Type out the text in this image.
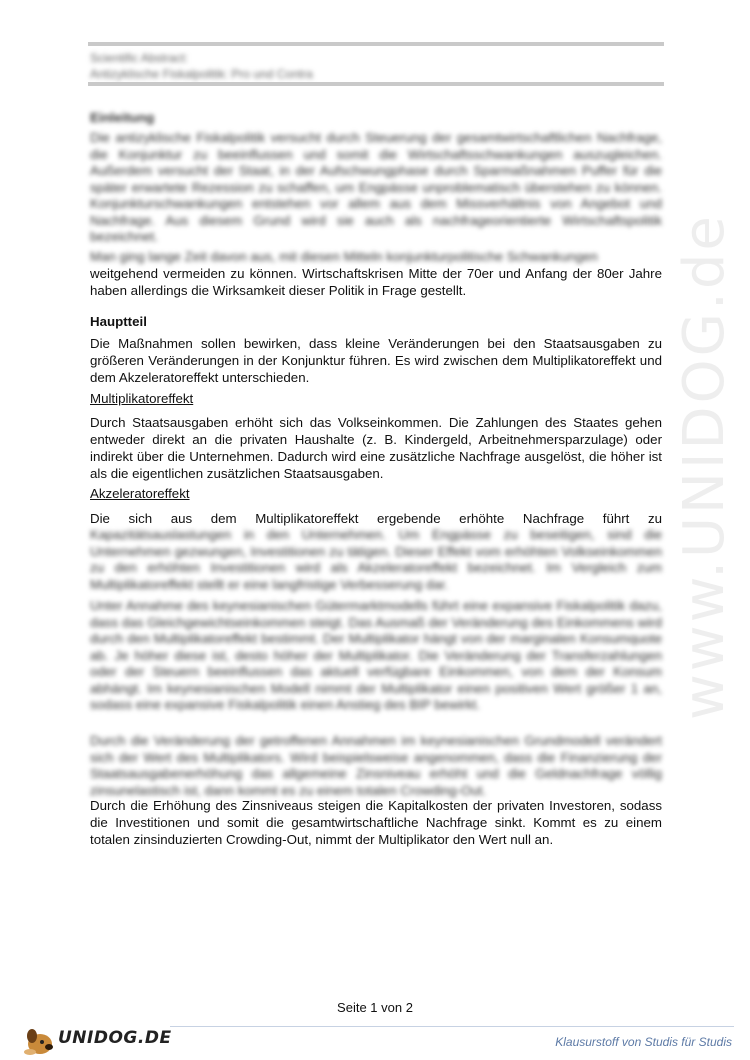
Scientific Abstract:
Antizyklische Fiskalpolitik: Pro und Contra

Einleitung

Die antizyklische Fiskalpolitik versucht durch Steuerung der gesamtwirtschaftlichen Nachfrage, die Konjunktur zu beeinflussen und somit die Wirtschaftsschwankungen auszugleichen. Außerdem versucht der Staat, in der Aufschwungphase durch Sparmaßnahmen Puffer für die später erwartete Rezession zu schaffen, um Engpässe unproblematisch überstehen zu können. Konjunkturschwankungen entstehen vor allem aus dem Missverhältnis von Angebot und Nachfrage. Aus diesem Grund wird sie auch als nachfrageorientierte Wirtschaftspolitik bezeichnet.

Man ging lange Zeit davon aus, mit diesen Mitteln konjunkturpolitische Schwankungen

weitgehend vermeiden zu können. Wirtschaftskrisen Mitte der 70er und Anfang der 80er Jahre haben allerdings die Wirksamkeit dieser Politik in Frage gestellt.

Hauptteil

Die Maßnahmen sollen bewirken, dass kleine Veränderungen bei den Staatsausgaben zu größeren Veränderungen in der Konjunktur führen. Es wird zwischen dem Multiplikatoreffekt und dem Akzeleratoreffekt unterschieden.

Multiplikatoreffekt

Durch Staatsausgaben erhöht sich das Volkseinkommen. Die Zahlungen des Staates gehen entweder direkt an die privaten Haushalte (z. B. Kindergeld, Arbeitnehmersparzulage) oder indirekt über die Unternehmen. Dadurch wird eine zusätzliche Nachfrage ausgelöst, die höher ist als die eigentlichen zusätzlichen Staatsausgaben.

Akzeleratoreffekt

Die sich aus dem Multiplikatoreffekt ergebende erhöhte Nachfrage führt zu

Kapazitätsauslastungen in den Unternehmen. Um Engpässe zu beseitigen, sind die Unternehmen gezwungen, Investitionen zu tätigen. Dieser Effekt vom erhöhten Volkseinkommen zu den erhöhten Investitionen wird als Akzeleratoreffekt bezeichnet. Im Vergleich zum Multiplikatoreffekt stellt er eine langfristige Verbesserung dar.

Unter Annahme des keynesianischen Gütermarktmodells führt eine expansive Fiskalpolitik dazu, dass das Gleichgewichtseinkommen steigt. Das Ausmaß der Veränderung des Einkommens wird durch den Multiplikatoreffekt bestimmt. Der Multiplikator hängt von der marginalen Konsumquote ab. Je höher diese ist, desto höher der Multiplikator. Die Veränderung der Transferzahlungen oder der Steuern beeinflussen das aktuell verfügbare Einkommen, von dem der Konsum abhängt. Im keynesianischen Modell nimmt der Multiplikator einen positiven Wert größer 1 an, sodass eine expansive Fiskalpolitik einen Anstieg des BIP bewirkt.

Durch die Veränderung der getroffenen Annahmen im keynesianischen Grundmodell verändert sich der Wert des Multiplikators. Wird beispielsweise angenommen, dass die Finanzierung der Staatsausgabenerhöhung das allgemeine Zinsniveau erhöht und die Geldnachfrage völlig zinsunelastisch ist, dann kommt es zu einem totalen Crowding-Out.

Durch die Erhöhung des Zinsniveaus steigen die Kapitalkosten der privaten Investoren, sodass die Investitionen und somit die gesamtwirtschaftliche Nachfrage sinkt. Kommt es zu einem totalen zinsinduzierten Crowding-Out, nimmt der Multiplikator den Wert null an.

www.UNIDOG.de
Seite 1 von 2
UNIDOG.DE	Klausurstoff von Studis für Studis
